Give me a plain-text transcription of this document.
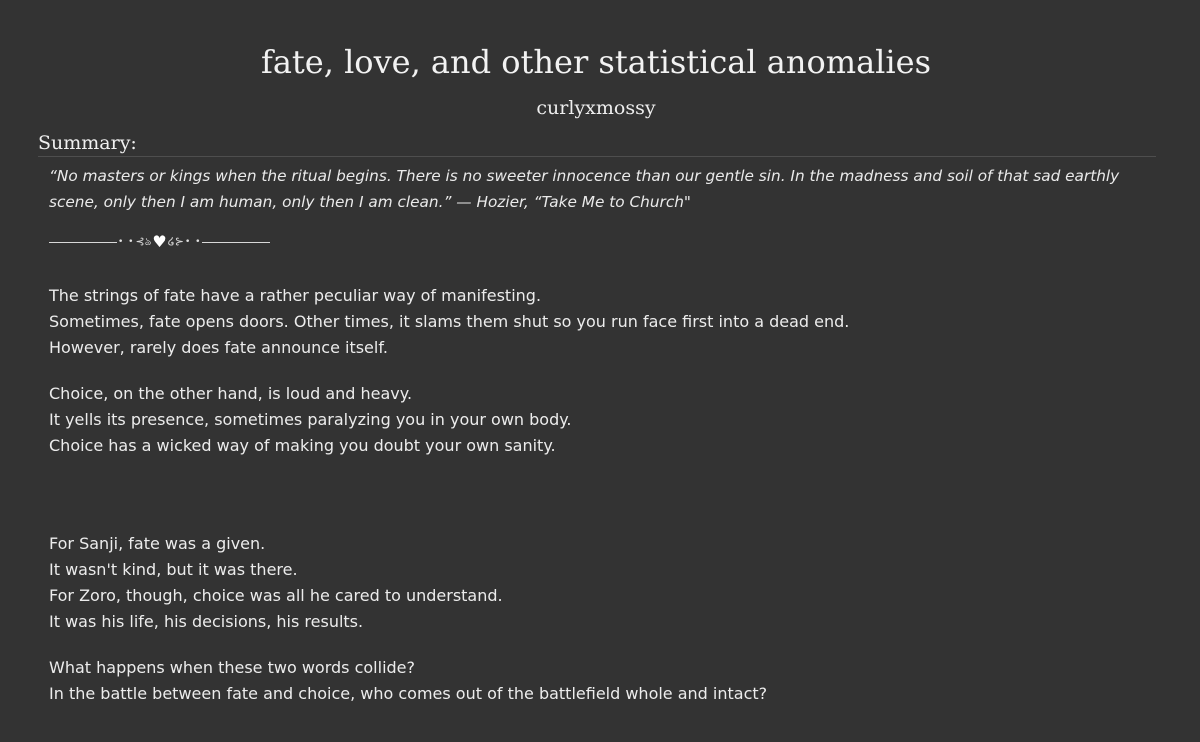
fate, love, and other statistical anomalies
curlyxmossy
Summary:

“No masters or kings when the ritual begins. There is no sweeter innocence than our gentle sin. In the madness and soil of that sad earthly scene, only then I am human, only then I am clean.” — Hozier, “Take Me to Church"

• • ⊰ঌ ♥ ໒⊱ • •

The strings of fate have a rather peculiar way of manifesting.
Sometimes, fate opens doors. Other times, it slams them shut so you run face first into a dead end.
However, rarely does fate announce itself.

Choice, on the other hand, is loud and heavy.
It yells its presence, sometimes paralyzing you in your own body.
Choice has a wicked way of making you doubt your own sanity.

For Sanji, fate was a given.
It wasn't kind, but it was there.
For Zoro, though, choice was all he cared to understand.
It was his life, his decisions, his results.

What happens when these two words collide?
In the battle between fate and choice, who comes out of the battlefield whole and intact?
